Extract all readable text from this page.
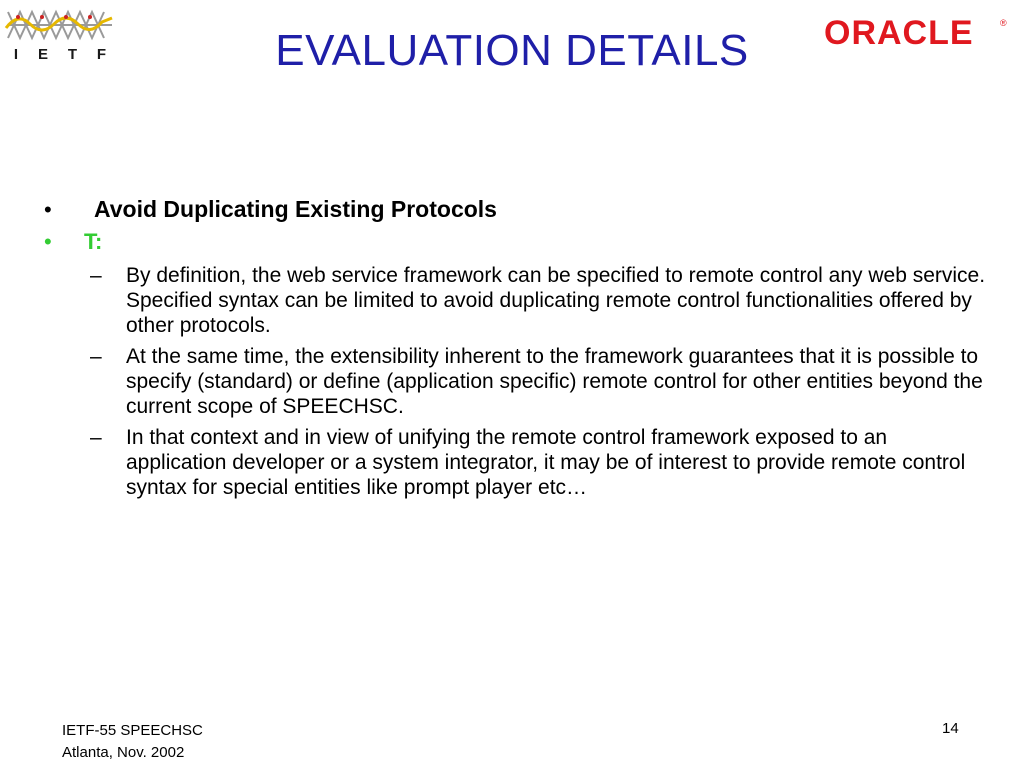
I E T F
ORACLE	®
EVALUATION DETAILS
•	Avoid Duplicating Existing Protocols
•	T:
–	By definition, the web service framework can be specified to remote control any web service. Specified syntax can be limited to avoid duplicating remote control functionalities offered by other protocols.
–	At the same time, the extensibility inherent to the framework guarantees that it is possible to specify (standard) or define (application specific) remote control for other entities beyond the current scope of SPEECHSC.
–	In that context and in view of unifying the remote control framework exposed to an application developer or a system integrator, it may be of interest to provide remote control syntax for special entities like prompt player etc…
IETF-55 SPEECHSC
Atlanta, Nov. 2002
14
